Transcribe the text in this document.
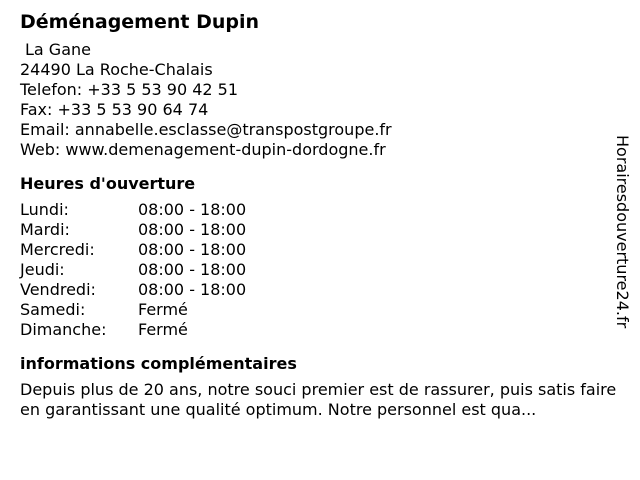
Déménagement Dupin
La Gane
24490 La Roche-Chalais
Telefon: +33 5 53 90 42 51
Fax: +33 5 53 90 64 74
Email: annabelle.esclasse@transpostgroupe.fr
Web: www.demenagement-dupin-dordogne.fr
Heures d'ouverture
Lundi:	08:00 - 18:00
Mardi:	08:00 - 18:00
Mercredi:	08:00 - 18:00
Jeudi:	08:00 - 18:00
Vendredi:	08:00 - 18:00
Samedi:	Fermé
Dimanche:	Fermé
informations complémentaires
Depuis plus de 20 ans, notre souci premier est de rassurer, puis satis faire en garantissant une qualité optimum. Notre personnel est qua...
Horairesdouverture24.fr
